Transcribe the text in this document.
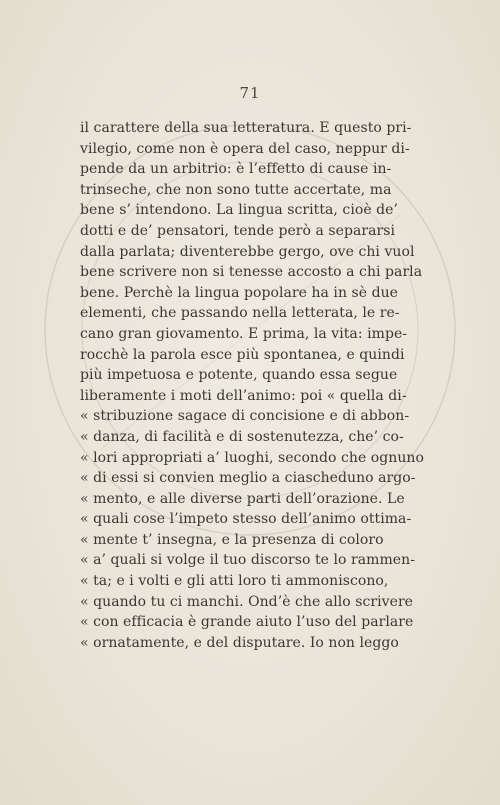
71
il carattere della sua letteratura. E questo pri-
vilegio, come non è opera del caso, neppur di-
pende da un arbitrio: è l’effetto di cause in-
trinseche, che non sono tutte accertate, ma
bene s’ intendono. La lingua scritta, cioè de’
dotti e de’ pensatori, tende però a separarsi
dalla parlata; diventerebbe gergo, ove chi vuol
bene scrivere non si tenesse accosto a chi parla
bene. Perchè la lingua popolare ha in sè due
elementi, che passando nella letterata, le re-
cano gran giovamento. E prima, la vita: impe-
rocchè la parola esce più spontanea, e quindi
più impetuosa e potente, quando essa segue
liberamente i moti dell’animo: poi « quella di-
« stribuzione sagace di concisione e di abbon-
« danza, di facilità e di sostenutezza, che’ co-
« lori appropriati a’ luoghi, secondo che ognuno
« di essi si convien meglio a ciascheduno argo-
« mento, e alle diverse parti dell’orazione. Le
« quali cose l’impeto stesso dell’animo ottima-
« mente t’ insegna, e la presenza di coloro
« a’ quali si volge il tuo discorso te lo rammen-
« ta; e i volti e gli atti loro ti ammoniscono,
« quando tu ci manchi. Ond’è che allo scrivere
« con efficacia è grande aiuto l’uso del parlare
« ornatamente, e del disputare. Io non leggo
